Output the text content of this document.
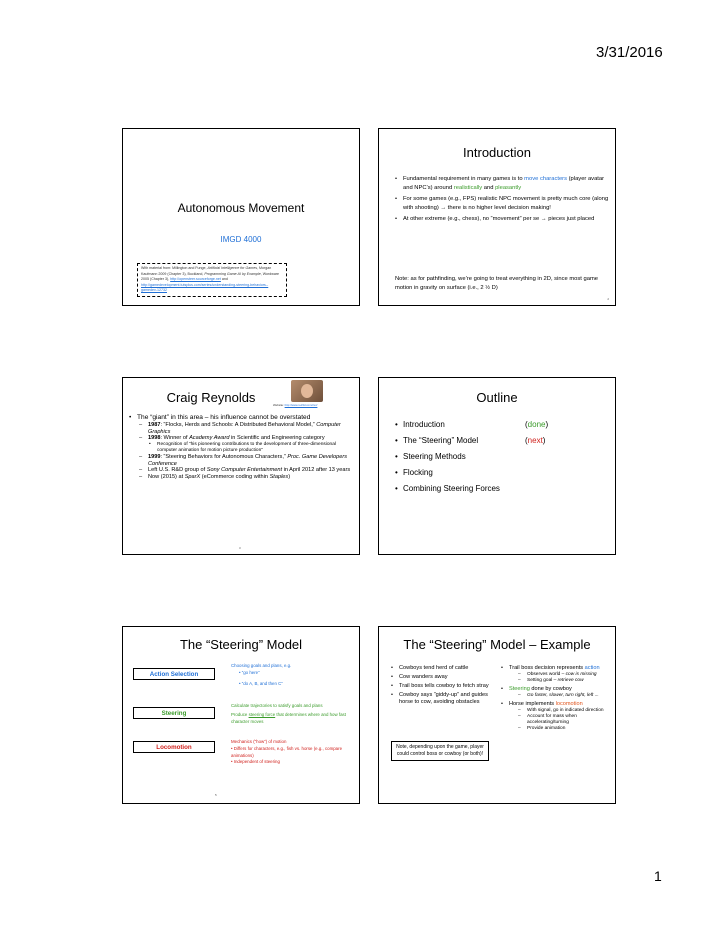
3/31/2016
Autonomous Movement
IMGD 4000
With material from: Millington and Funge, Artificial Intelligence for Games, Morgan Kaufmann 2009 (Chapter 3), Buckland, Programming Game AI by Example, Wordware 2005 (Chapter 3), http://opensteer.sourceforge.net and http://gamedevelopment.tutsplus.com/series/understanding-steering-behaviors--gamedev-12732
Introduction
• Fundamental requirement in many games is to move characters (player avatar and NPC’s) around realistically and pleasantly
• For some games (e.g., FPS) realistic NPC movement is pretty much core (along with shooting) → there is no higher level decision making!
• At other extreme (e.g., chess), no “movement” per se → pieces just placed
Note: as for pathfinding, we’re going to treat everything in 2D, since most game motion in gravity on surface (i.e., 2 ½ D)
2
Craig Reynolds	Website: http://www.red3d.com/cwr/
• The “giant” in this area – his influence cannot be overstated
– 1987: “Flocks, Herds and Schools: A Distributed Behavioral Model,” Computer Graphics
– 1998: Winner of Academy Award in Scientific and Engineering category
• Recognition of “his pioneering contributions to the development of three-dimensional computer animation for motion picture production”
– 1999: “Steering Behaviors for Autonomous Characters,” Proc. Game Developers Conference
– Left U.S. R&D group of Sony Computer Entertainment in April 2012 after 13 years
– Now (2015) at SparX (eCommerce coding within Staples)
3
Outline
• Introduction	(done)
• The “Steering” Model	(next)
• Steering Methods
• Flocking
• Combining Steering Forces
The “Steering” Model
Action Selection
Steering
Locomotion
Choosing goals and plans, e.g.
• “go here”
• “do A, B, and then C”
Calculate trajectories to satisfy goals and plans
Produce steering force that determines where and how fast character moves
Mechanics (“how”) of motion
• Differs for characters, e.g., fish vs. horse (e.g., compare animations)
• Independent of steering
5
The “Steering” Model – Example
• Cowboys tend herd of cattle
• Cow wanders away
• Trail boss tells cowboy to fetch stray
• Cowboy says “giddy-up” and guides horse to cow, avoiding obstacles
• Trail boss decision represents action
– Observes world – cow is missing
– Setting goal – retrieve cow
• Steering done by cowboy
– Go faster, slower, turn right, left ...
• Horse implements locomotion
– With signal, go in indicated direction
– Account for mass when accelerating/turning
– Provide animation
Note, depending upon the game, player could control boss or cowboy (or both)!
1
